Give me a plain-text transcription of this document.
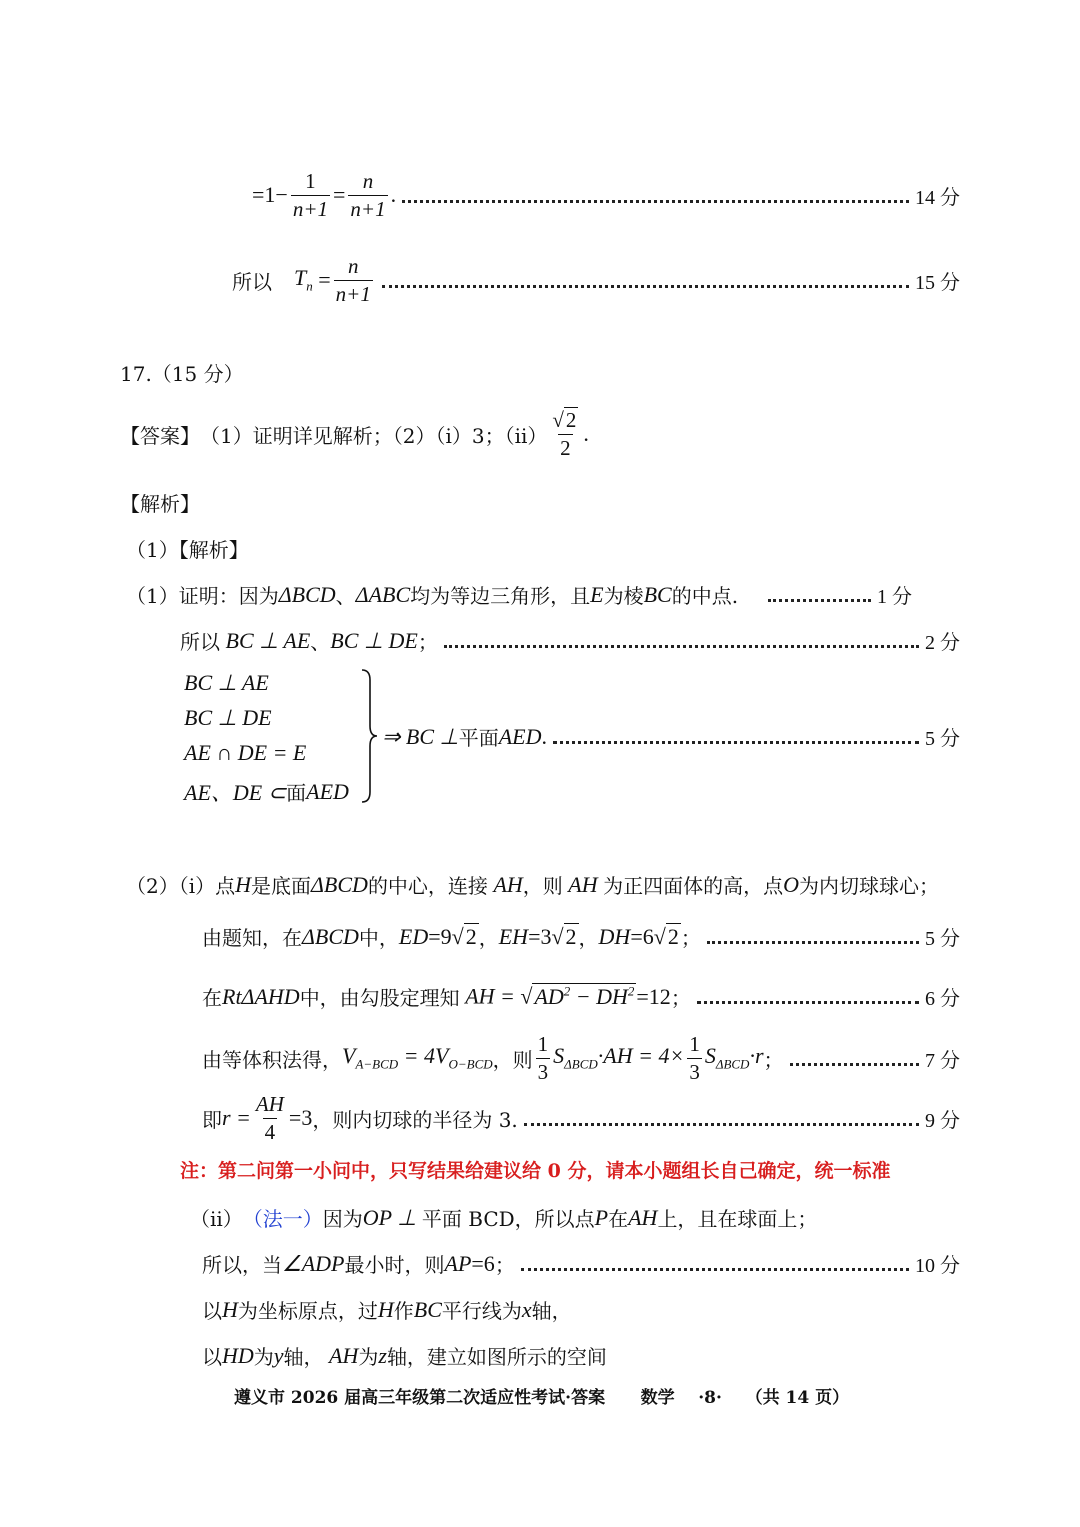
$=1- \frac{1}{n+1} = \frac{n}{n+1}$ .	14 分
所以 $T_n = \frac{n}{n+1}$	15 分
17.（15 分）
【答案】 （1）证明详见解析；（2）（i）3；$(ii) \frac{√2}{2}$ .
【解析】
（1）【解析】
（1）证明：因为 ΔBCD 、 ΔABC 均为等边三角形，且 E 为棱 BC 的中点.	1 分
所以 BC ⊥ AE 、 BC ⊥ DE ；	2 分
BC ⊥ AE
BC ⊥ DE
AE ∩ DE = E
AE、DE ⊂ 面 AED
⇒ BC ⊥ 平面 AED .	5 分
（2）（i）点 H 是底面 ΔBCD 的中心，连接 AH ，则 AH 为正四面体的高，点 O 为内切球球心；
由题知，在 ΔBCD 中， ED =9√2 ， EH =3√2 ， DH =6√2 ；	5 分
在 RtΔAHD 中，由勾股定理知 AH = $√AD^2 - DH^2 =12$ ；	6 分
由等体积法得， $V_{A-BCD} = 4V_{O-BCD}$ ，则 $\frac{1}{3} S_{\Delta BCD}\cdot AH = 4\times \frac{1}{3} S_{\Delta BCD}\cdot r$ ；	7 分
即 $r = \frac{AH}{4} =3$ ，则内切球的半径为 3.	9 分
注：第二问第一小问中，只写结果给建议给 0 分，请本小题组长自己确定，统一标准
（ii） （法一） 因为 OP ⊥ 平面 BCD，所以点 P 在 AH 上，且在球面上；
所以，当 ∠ADP 最小时，则 AP =6 ；	10 分
以 H 为坐标原点，过 H 作 BC 平行线为 x 轴，
以 HD 为 y 轴， AH 为 z 轴，建立如图所示的空间
遵义市 2026 届高三年级第二次适应性考试·答案      数学    ·8·    （共 14 页）
